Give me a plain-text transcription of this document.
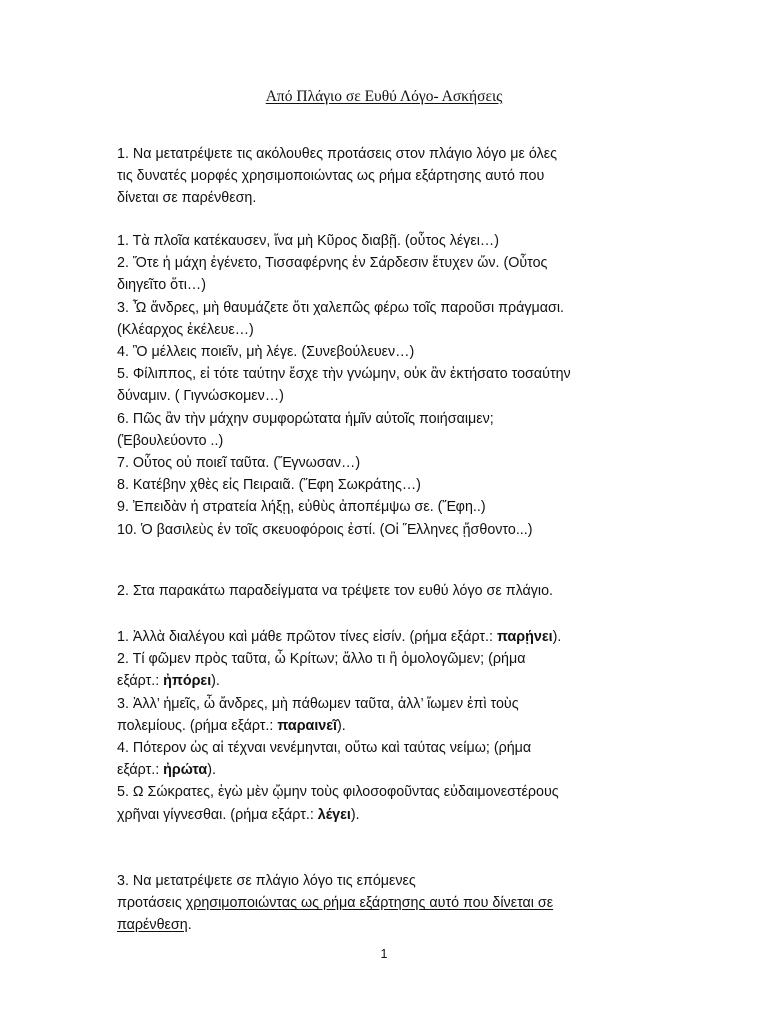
Από Πλάγιο σε Ευθύ Λόγο- Ασκήσεις
1. Να μετατρέψετε τις ακόλουθες προτάσεις στον πλάγιο λόγο με όλες
τις δυνατές μορφές χρησιμοποιώντας ως ρήμα εξάρτησης αυτό που
δίνεται σε παρένθεση.
1. Τὰ πλοῖα κατέκαυσεν, ἵνα μὴ Κῦρος διαβῇ. (οὗτος λέγει…)
2. Ὅτε ἡ μάχη ἐγένετο, Τισσαφέρνης ἐν Σάρδεσιν ἔτυχεν ὤν. (Οὗτος
διηγεῖτο ὅτι…)
3. Ὦ ἄνδρες, μὴ θαυμάζετε ὅτι χαλεπῶς φέρω τοῖς παροῦσι πράγμασι.
(Κλέαρχος ἐκέλευε…)
4. Ὃ μέλλεις ποιεῖν, μὴ λέγε. (Συνεβούλευεν…)
5. Φίλιππος, εἰ τότε ταύτην ἔσχε τὴν γνώμην, οὐκ ἂν ἐκτήσατο τοσαύτην
δύναμιν. ( Γιγνώσκομεν…)
6. Πῶς ἂν τὴν μάχην συμφορώτατα ἡμῖν αὐτοῖς ποιήσαιμεν;
(Ἐβουλεύοντο ..)
7. Οὗτος οὐ ποιεῖ ταῦτα. (Ἔγνωσαν…)
8. Κατέβην χθὲς εἰς Πειραιᾶ. (Ἔφη Σωκράτης…)
9. Ἐπειδὰν ἡ στρατεία λήξῃ, εὐθὺς ἀποπέμψω σε. (Ἔφη..)
10. Ὁ βασιλεὺς ἐν τοῖς σκευοφόροις ἐστί. (Οἱ Ἕλληνες ᾔσθοντο...)
2. Στα παρακάτω παραδείγματα να τρέψετε τον ευθύ λόγο σε πλάγιο.
1. Ἀλλὰ διαλέγου καὶ μάθε πρῶτον τίνες εἰσίν. (ρήμα εξάρτ.: παρῄνει).
2. Τί φῶμεν πρὸς ταῦτα, ὦ Κρίτων; ἄλλο τι ἢ ὁμολογῶμεν; (ρήμα
εξάρτ.: ἠπόρει).
3. Ἀλλ’ ἡμεῖς, ὦ ἄνδρες, μὴ πάθωμεν ταῦτα, ἀλλ’ ἴωμεν ἐπὶ τοὺς
πολεμίους. (ρήμα εξάρτ.: παραινεῖ).
4. Πότερον ὡς αἱ τέχναι νενέμηνται, οὕτω καὶ ταύτας νείμω; (ρήμα
εξάρτ.: ἠρώτα).
5. Ω Σώκρατες, ἐγὼ μὲν ᾤμην τοὺς φιλοσοφοῦντας εὐδαιμονεστέρους
χρῆναι γίγνεσθαι. (ρήμα εξάρτ.: λέγει).
3. Να μετατρέψετε σε πλάγιο λόγο τις επόμενες
προτάσεις χρησιμοποιώντας ως ρήμα εξάρτησης αυτό που δίνεται σε
παρένθεση.
1
